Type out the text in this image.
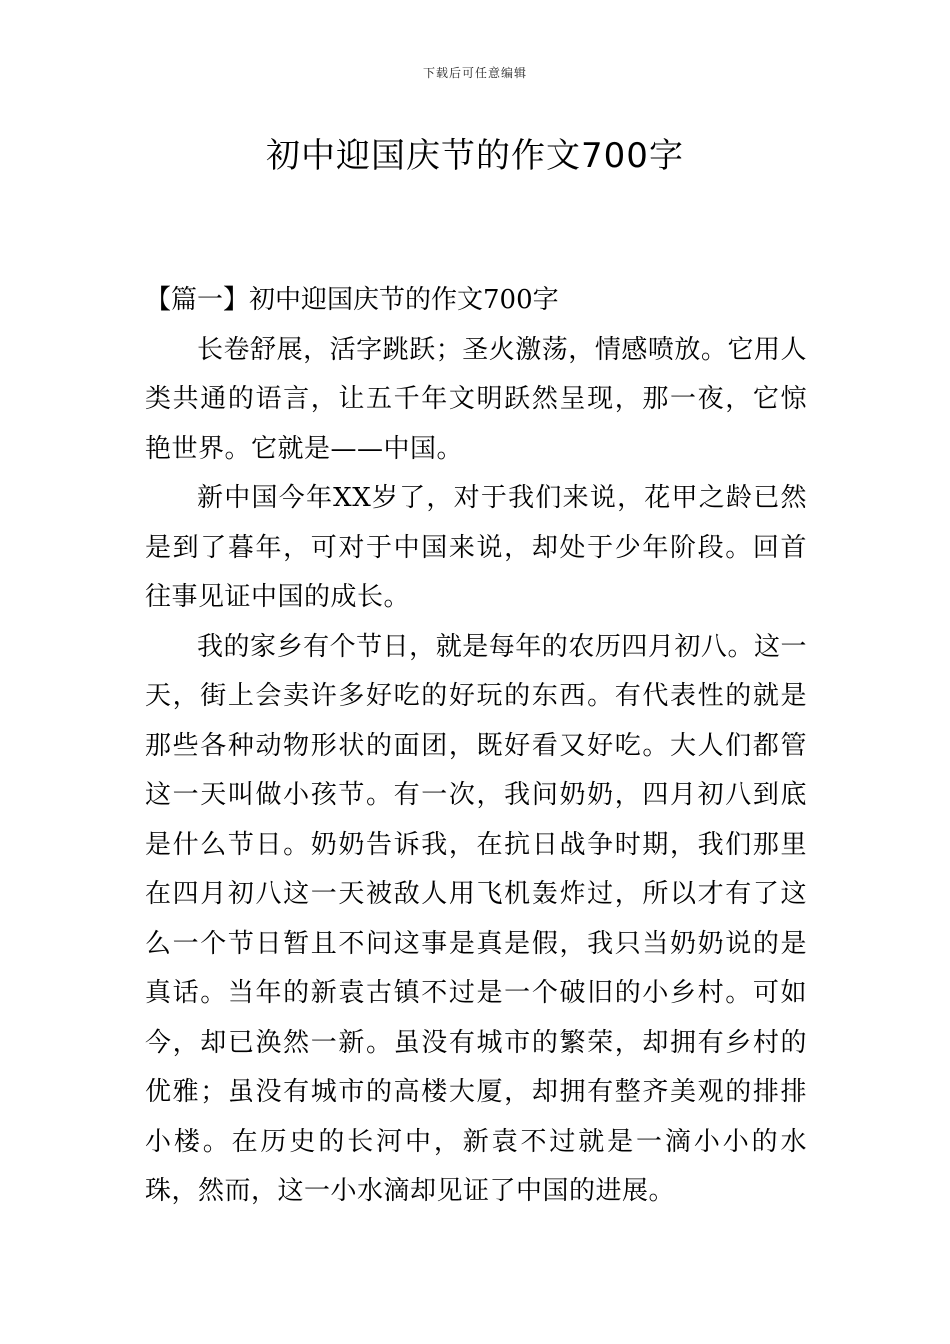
下载后可任意编辑
初中迎国庆节的作文700字

【篇一】初中迎国庆节的作文700字

长卷舒展，活字跳跃；圣火激荡，情感喷放。它用人类共通的语言，让五千年文明跃然呈现，那一夜，它惊艳世界。它就是——中国。

新中国今年XX岁了，对于我们来说，花甲之龄已然是到了暮年，可对于中国来说，却处于少年阶段。回首往事见证中国的成长。

我的家乡有个节日，就是每年的农历四月初八。这一天，街上会卖许多好吃的好玩的东西。有代表性的就是那些各种动物形状的面团，既好看又好吃。大人们都管这一天叫做小孩节。有一次，我问奶奶，四月初八到底是什么节日。奶奶告诉我，在抗日战争时期，我们那里在四月初八这一天被敌人用飞机轰炸过，所以才有了这么一个节日暂且不问这事是真是假，我只当奶奶说的是真话。当年的新袁古镇不过是一个破旧的小乡村。可如今，却已涣然一新。虽没有城市的繁荣，却拥有乡村的优雅；虽没有城市的高楼大厦，却拥有整齐美观的排排小楼。在历史的长河中，新袁不过就是一滴小小的水珠，然而，这一小水滴却见证了中国的进展。
